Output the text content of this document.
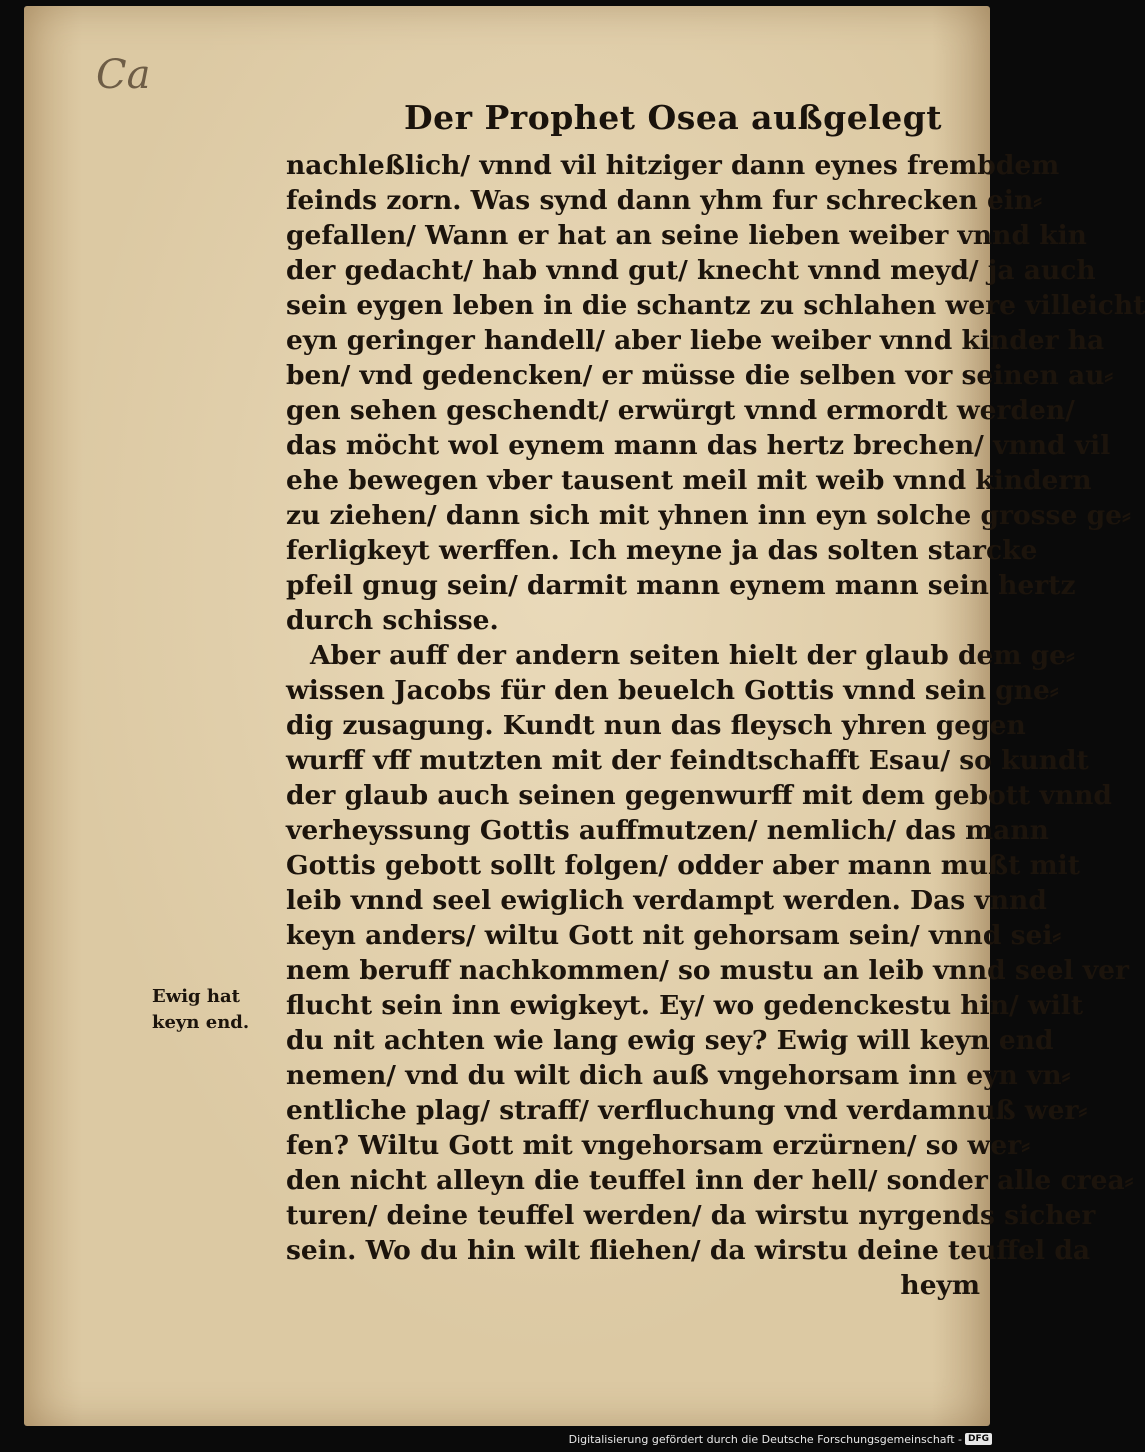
Ca
Der Prophet Osea außgelegt
nachleßlich/ vnnd vil hitziger dann eynes frembdem
feinds zorn. Was synd dann yhm fur schrecken ein⸗
gefallen/ Wann er hat an seine lieben weiber vnnd kin
der gedacht/ hab vnnd gut/ knecht vnnd meyd/ ja auch
sein eygen leben in die schantz zu schlahen were villeicht
eyn geringer handell/ aber liebe weiber vnnd kinder ha
ben/ vnd gedencken/ er müsse die selben vor seinen au⸗
gen sehen geschendt/ erwürgt vnnd ermordt werden/
das möcht wol eynem mann das hertz brechen/ vnnd vil
ehe bewegen vber tausent meil mit weib vnnd kindern
zu ziehen/ dann sich mit yhnen inn eyn solche grosse ge⸗
ferligkeyt werffen. Ich meyne ja das solten starcke
pfeil gnug sein/ darmit mann eynem mann sein hertz
durch schisse.
Aber auff der andern seiten hielt der glaub dem ge⸗
wissen Jacobs für den beuelch Gottis vnnd sein gne⸗
dig zusagung. Kundt nun das fleysch yhren gegen
wurff vff mutzten mit der feindtschafft Esau/ so kundt
der glaub auch seinen gegenwurff mit dem gebott vnnd
verheyssung Gottis auffmutzen/ nemlich/ das mann
Gottis gebott sollt folgen/ odder aber mann mußt mit
leib vnnd seel ewiglich verdampt werden. Das vnnd
keyn anders/ wiltu Gott nit gehorsam sein/ vnnd sei⸗
nem beruff nachkommen/ so mustu an leib vnnd seel ver
flucht sein inn ewigkeyt. Ey/ wo gedenckestu hin/ wilt
du nit achten wie lang ewig sey? Ewig will keyn end
nemen/ vnd du wilt dich auß vngehorsam inn eyn vn⸗
entliche plag/ straff/ verfluchung vnd verdamnuß wer⸗
fen? Wiltu Gott mit vngehorsam erzürnen/ so wer⸗
den nicht alleyn die teuffel inn der hell/ sonder alle crea⸗
turen/ deine teuffel werden/ da wirstu nyrgends sicher
sein. Wo du hin wilt fliehen/ da wirstu deine teuffel da
heym
Ewig hat
keyn end.
Digitalisierung gefördert durch die Deutsche Forschungsgemeinschaft - DFG
